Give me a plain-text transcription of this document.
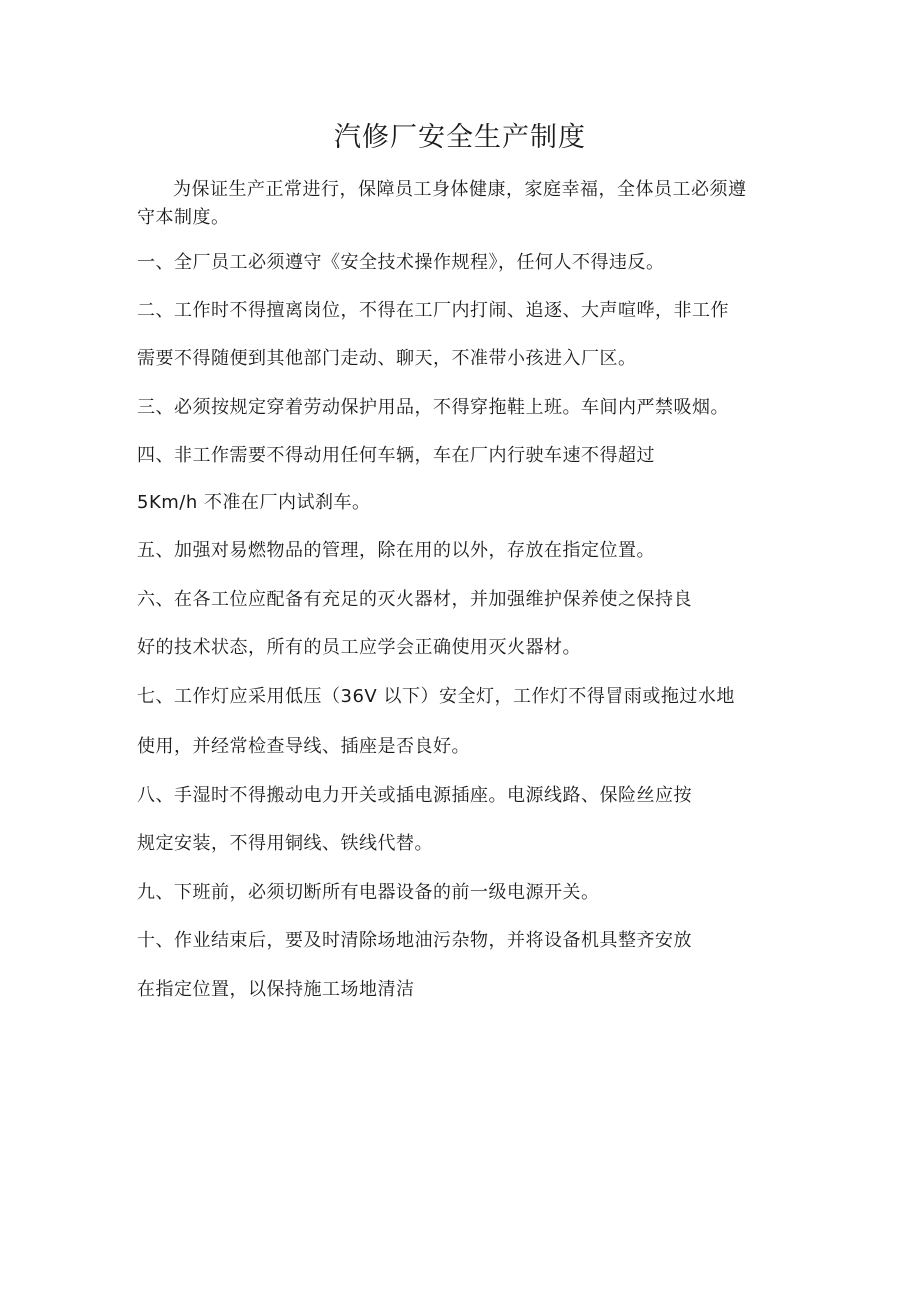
汽修厂安全生产制度
为保证生产正常进行，保障员工身体健康，家庭幸福，全体员工必须遵
守本制度。
一、全厂员工必须遵守《安全技术操作规程》，任何人不得违反。
二、工作时不得擅离岗位，不得在工厂内打闹、追逐、大声喧哗，非工作
需要不得随便到其他部门走动、聊天，不准带小孩进入厂区。
三、必须按规定穿着劳动保护用品，不得穿拖鞋上班。车间内严禁吸烟。
四、非工作需要不得动用任何车辆，车在厂内行驶车速不得超过
5Km/h 不准在厂内试刹车。
五、加强对易燃物品的管理，除在用的以外，存放在指定位置。
六、在各工位应配备有充足的灭火器材，并加强维护保养使之保持良
好的技术状态，所有的员工应学会正确使用灭火器材。
七、工作灯应采用低压（36V 以下）安全灯，工作灯不得冒雨或拖过水地
使用，并经常检查导线、插座是否良好。
八、手湿时不得搬动电力开关或插电源插座。电源线路、保险丝应按
规定安装，不得用铜线、铁线代替。
九、下班前，必须切断所有电器设备的前一级电源开关。
十、作业结束后，要及时清除场地油污杂物，并将设备机具整齐安放
在指定位置，以保持施工场地清洁
